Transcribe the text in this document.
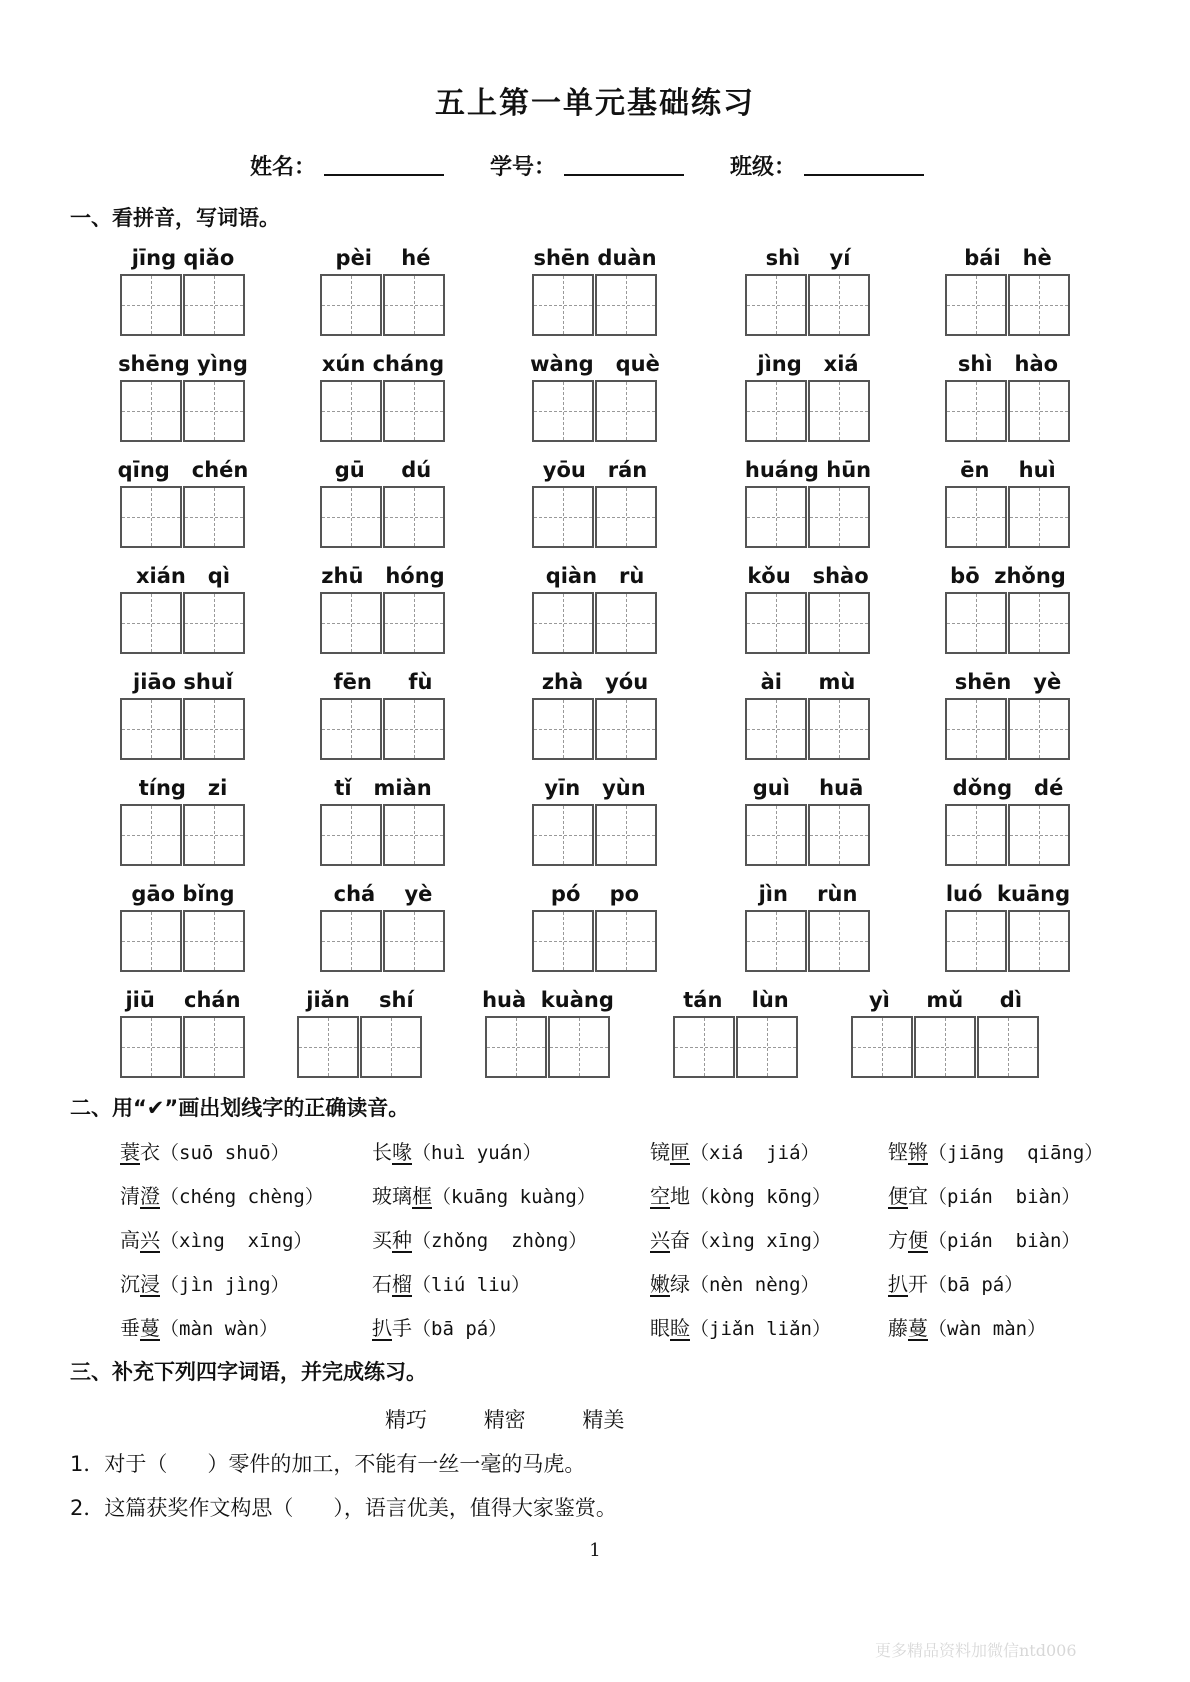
五上第一单元基础练习
姓名：	学号：	班级：
一、看拼音，写词语。
jīng qiǎo	pèi    hé	shēn duàn	shì    yí	bái   hè
shēng yìng	xún cháng	wàng   què	jìng   xiá	shì   hào
qīng   chén	gū     dú	yōu   rán	huáng hūn	ēn    huì
xián   qì	zhū   hóng	qiàn   rù	kǒu   shào	bō  zhǒng
jiāo shuǐ	fēn     fù	zhà   yóu	ài     mù	shēn   yè
tíng   zi	tǐ   miàn	yīn   yùn	guì    huā	dǒng   dé
gāo bǐng	chá    yè	pó    po	jìn    rùn	luó  kuāng
jiū    chán	jiǎn    shí	huà  kuàng	tán    lùn	yì     mǔ     dì
二、用“✔”画出划线字的正确读音。
蓑衣（suō shuō）	长喙（huì yuán）	镜匣（xiá  jiá）	铿锵（jiāng  qiāng）
清澄（chéng chèng） 玻璃框（kuāng kuàng）	空地（kòng kōng）	便宜（pián  biàn）
高兴（xìng  xīng）	买种（zhǒng  zhòng）	兴奋（xìng xīng）	方便（pián  biàn）
沉浸（jìn jìng）	石榴（liú liu）	嫩绿（nèn nèng）	扒开（bā pá）
垂蔓（màn wàn）	扒手（bā pá）	眼睑（jiǎn liǎn）	藤蔓（wàn màn）
三、补充下列四字词语，并完成练习。
精巧	精密	精美
1．对于（      ）零件的加工，不能有一丝一毫的马虎。
2．这篇获奖作文构思（      ），语言优美，值得大家鉴赏。
1
更多精品资料加微信ntd006
